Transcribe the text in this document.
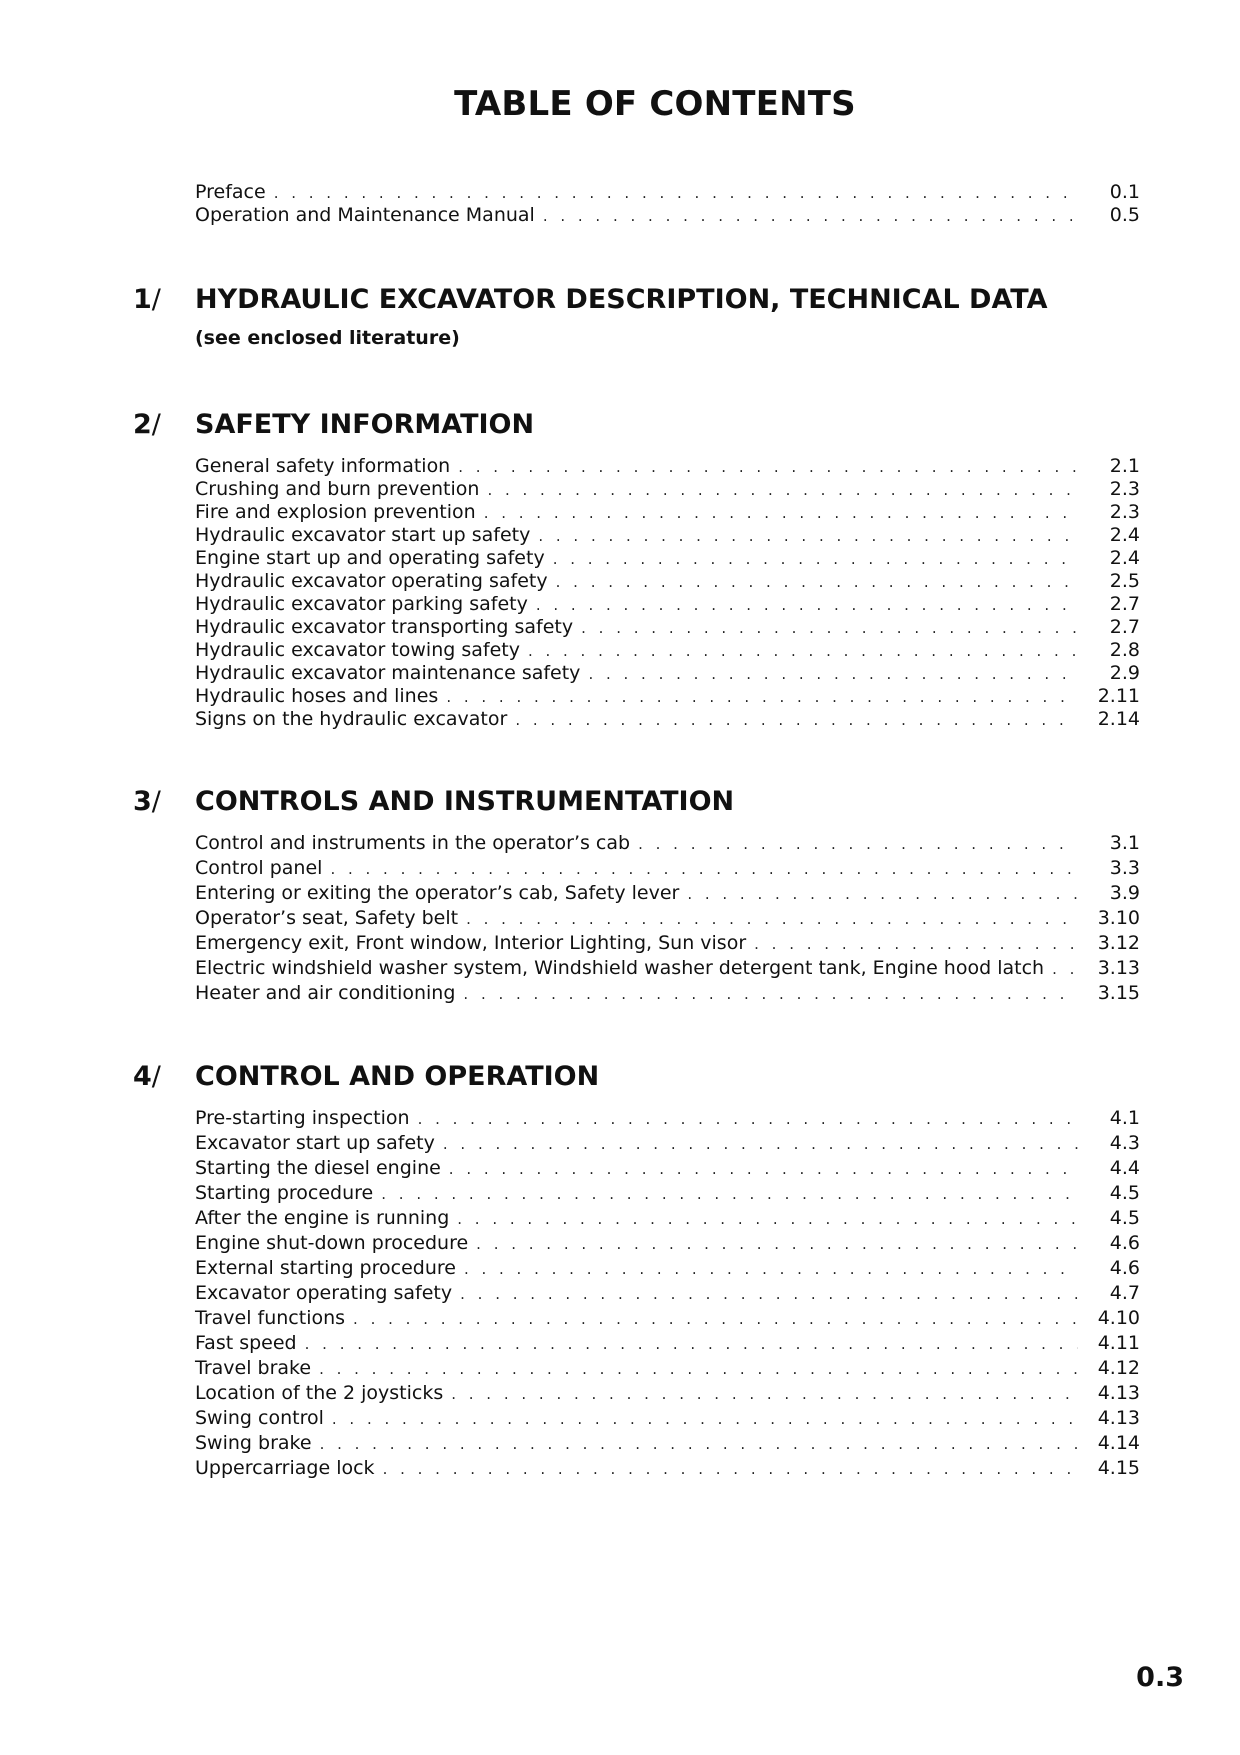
TABLE OF CONTENTS
Preface . . .	0.1
Operation and Maintenance Manual . . .	0.5
1/ HYDRAULIC EXCAVATOR DESCRIPTION, TECHNICAL DATA
(see enclosed literature)
2/ SAFETY INFORMATION
General safety information . . .	2.1
Crushing and burn prevention . . .	2.3
Fire and explosion prevention . . .	2.3
Hydraulic excavator start up safety . . .	2.4
Engine start up and operating safety . . .	2.4
Hydraulic excavator operating safety . . .	2.5
Hydraulic excavator parking safety . . .	2.7
Hydraulic excavator transporting safety . . .	2.7
Hydraulic excavator towing safety . . .	2.8
Hydraulic excavator maintenance safety . . .	2.9
Hydraulic hoses and lines . . .	2.11
Signs on the hydraulic excavator . . .	2.14
3/ CONTROLS AND INSTRUMENTATION
Control and instruments in the operator’s cab . . .	3.1
Control panel . . .	3.3
Entering or exiting the operator’s cab, Safety lever . . .	3.9
Operator’s seat, Safety belt . . .	3.10
Emergency exit, Front window, Interior Lighting, Sun visor . . .	3.12
Electric windshield washer system, Windshield washer detergent tank, Engine hood latch . . .	3.13
Heater and air conditioning . . .	3.15
4/ CONTROL AND OPERATION
Pre-starting inspection . . .	4.1
Excavator start up safety . . .	4.3
Starting the diesel engine . . .	4.4
Starting procedure . . .	4.5
After the engine is running . . .	4.5
Engine shut-down procedure . . .	4.6
External starting procedure . . .	4.6
Excavator operating safety . . .	4.7
Travel functions . . .	4.10
Fast speed . . .	4.11
Travel brake . . .	4.12
Location of the 2 joysticks . . .	4.13
Swing control . . .	4.13
Swing brake . . .	4.14
Uppercarriage lock . . .	4.15
0.3
